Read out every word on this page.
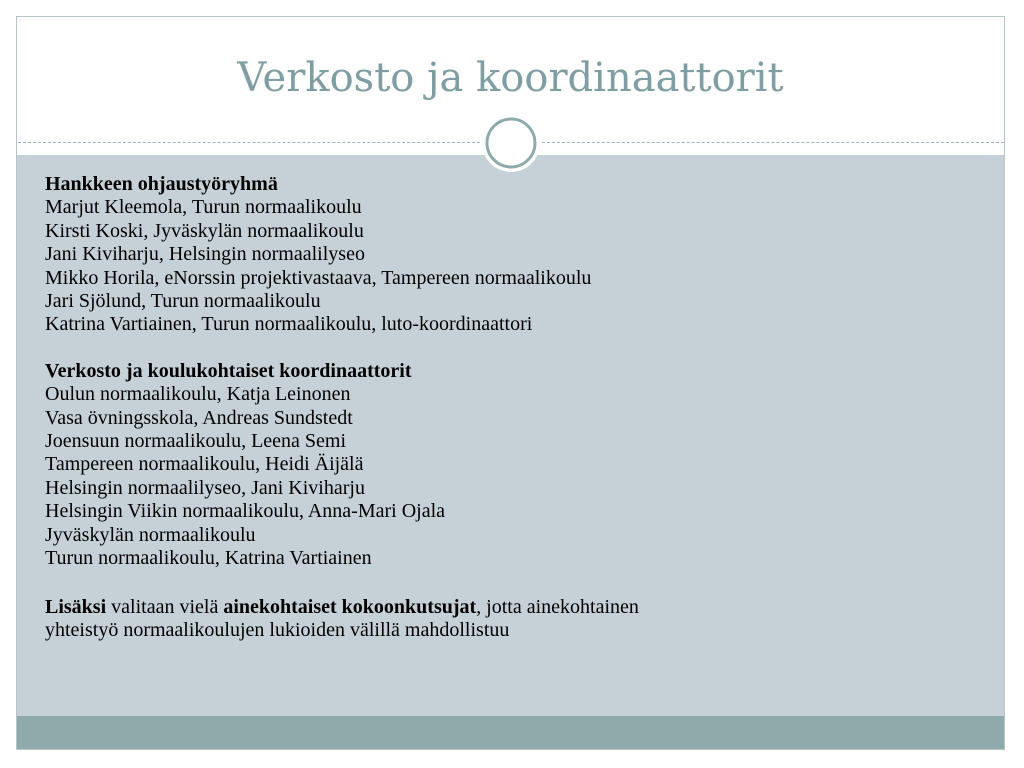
Verkosto ja koordinaattorit
Hankkeen ohjaustyöryhmä
Marjut Kleemola, Turun normaalikoulu
Kirsti Koski, Jyväskylän normaalikoulu
Jani Kiviharju, Helsingin normaalilyseo
Mikko Horila, eNorssin projektivastaava, Tampereen normaalikoulu
Jari Sjölund, Turun normaalikoulu
Katrina Vartiainen, Turun normaalikoulu, luto-koordinaattori
Verkosto ja koulukohtaiset koordinaattorit
Oulun normaalikoulu, Katja Leinonen
Vasa övningsskola, Andreas Sundstedt
Joensuun normaalikoulu, Leena Semi
Tampereen normaalikoulu, Heidi Äijälä
Helsingin normaalilyseo, Jani Kiviharju
Helsingin Viikin normaalikoulu, Anna-Mari Ojala
Jyväskylän normaalikoulu
Turun normaalikoulu, Katrina Vartiainen
Lisäksi valitaan vielä ainekohtaiset kokoonkutsujat, jotta ainekohtainen
yhteistyö normaalikoulujen lukioiden välillä mahdollistuu
